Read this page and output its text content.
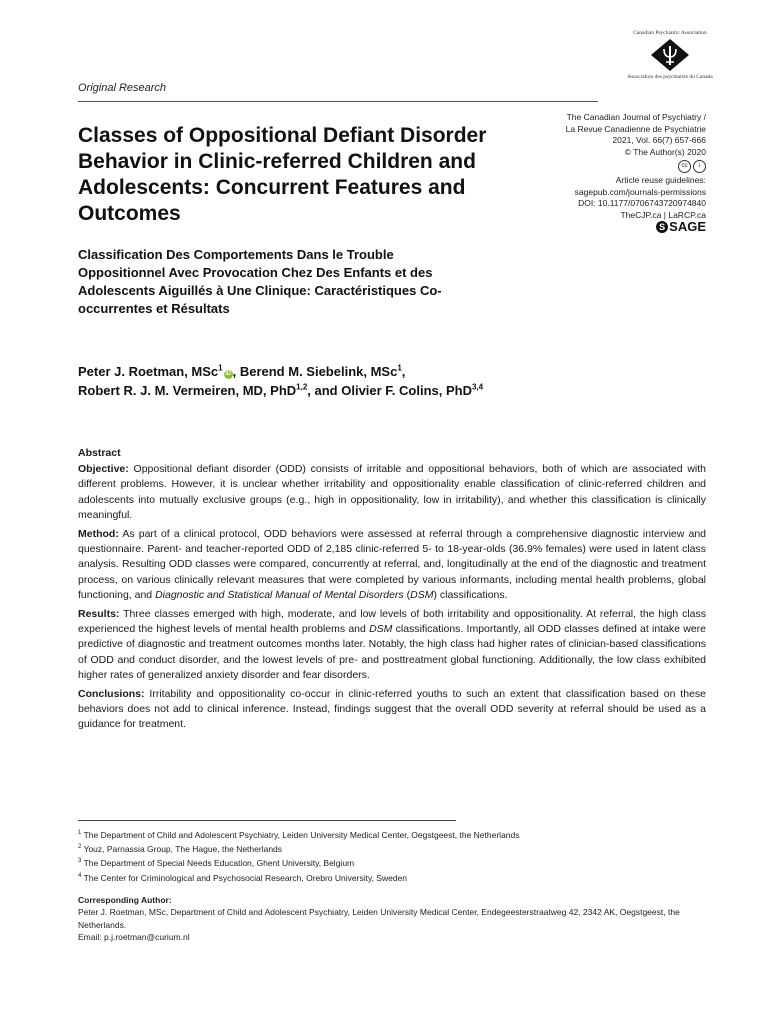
Canadian Psychiatric Association
Association des psychiatres du Canada
Original Research
Classes of Oppositional Defiant Disorder Behavior in Clinic-referred Children and Adolescents: Concurrent Features and Outcomes
The Canadian Journal of Psychiatry /
La Revue Canadienne de Psychiatrie
2021, Vol. 66(7) 657-666
© The Author(s) 2020
cc	i
Article reuse guidelines:
sagepub.com/journals-permissions
DOI: 10.1177/0706743720974840
TheCJP.ca | LaRCP.ca
S SAGE
Classification Des Comportements Dans le Trouble Oppositionnel Avec Provocation Chez Des Enfants et des Adolescents Aiguillés à Une Clinique: Caractéristiques Co-occurrentes et Résultats
Peter J. Roetman, MSc$^1$iD , Berend M. Siebelink, MSc$^1$,
Robert R. J. M. Vermeiren, MD, PhD$^{1,2}$, and Olivier F. Colins, PhD$^{3,4}$
Abstract

Objective: Oppositional defiant disorder (ODD) consists of irritable and oppositional behaviors, both of which are associated with different problems. However, it is unclear whether irritability and oppositionality enable classification of clinic-referred children and adolescents into mutually exclusive groups (e.g., high in oppositionality, low in irritability), and whether this classification is clinically meaningful.

Method: As part of a clinical protocol, ODD behaviors were assessed at referral through a comprehensive diagnostic interview and questionnaire. Parent- and teacher-reported ODD of 2,185 clinic-referred 5- to 18-year-olds (36.9% females) were used in latent class analysis. Resulting ODD classes were compared, concurrently at referral, and, longitudinally at the end of the diagnostic and treatment process, on various clinically relevant measures that were completed by various informants, including mental health problems, global functioning, and Diagnostic and Statistical Manual of Mental Disorders (DSM) classifications.

Results: Three classes emerged with high, moderate, and low levels of both irritability and oppositionality. At referral, the high class experienced the highest levels of mental health problems and DSM classifications. Importantly, all ODD classes defined at intake were predictive of diagnostic and treatment outcomes months later. Notably, the high class had higher rates of clinician-based classifications of ODD and conduct disorder, and the lowest levels of pre- and posttreatment global functioning. Additionally, the low class exhibited higher rates of generalized anxiety disorder and fear disorders.

Conclusions: Irritability and oppositionality co-occur in clinic-referred youths to such an extent that classification based on these behaviors does not add to clinical inference. Instead, findings suggest that the overall ODD severity at referral should be used as a guidance for treatment.

$^1$ The Department of Child and Adolescent Psychiatry, Leiden University Medical Center, Oegstgeest, the Netherlands
$^2$ Youz, Parnassia Group, The Hague, the Netherlands
$^3$ The Department of Special Needs Education, Ghent University, Belgium
$^4$ The Center for Criminological and Psychosocial Research, Orebro University, Sweden
Corresponding Author:
Peter J. Roetman, MSc, Department of Child and Adolescent Psychiatry, Leiden University Medical Center, Endegeesterstraatweg 42, 2342 AK, Oegstgeest, the Netherlands.
Email: p.j.roetman@curium.nl
